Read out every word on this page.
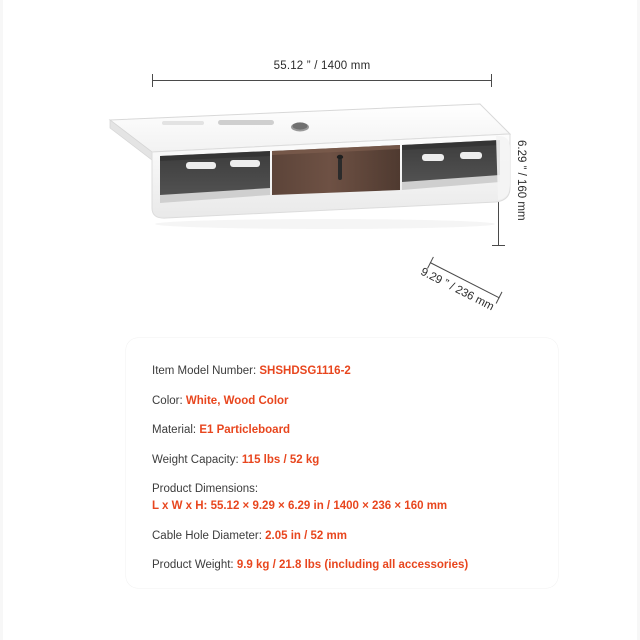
55.12 ” / 1400 mm
6.29 ” / 160 mm
9.29 ” / 236 mm
Item Model Number: SHSHDSG1116-2
Color: White, Wood Color
Material: E1 Particleboard
Weight Capacity: 115 lbs / 52 kg
Product Dimensions:
L x W x H: 55.12 × 9.29 × 6.29 in / 1400 × 236 × 160 mm
Cable Hole Diameter: 2.05 in / 52 mm
Product Weight: 9.9 kg / 21.8 lbs (including all accessories)
